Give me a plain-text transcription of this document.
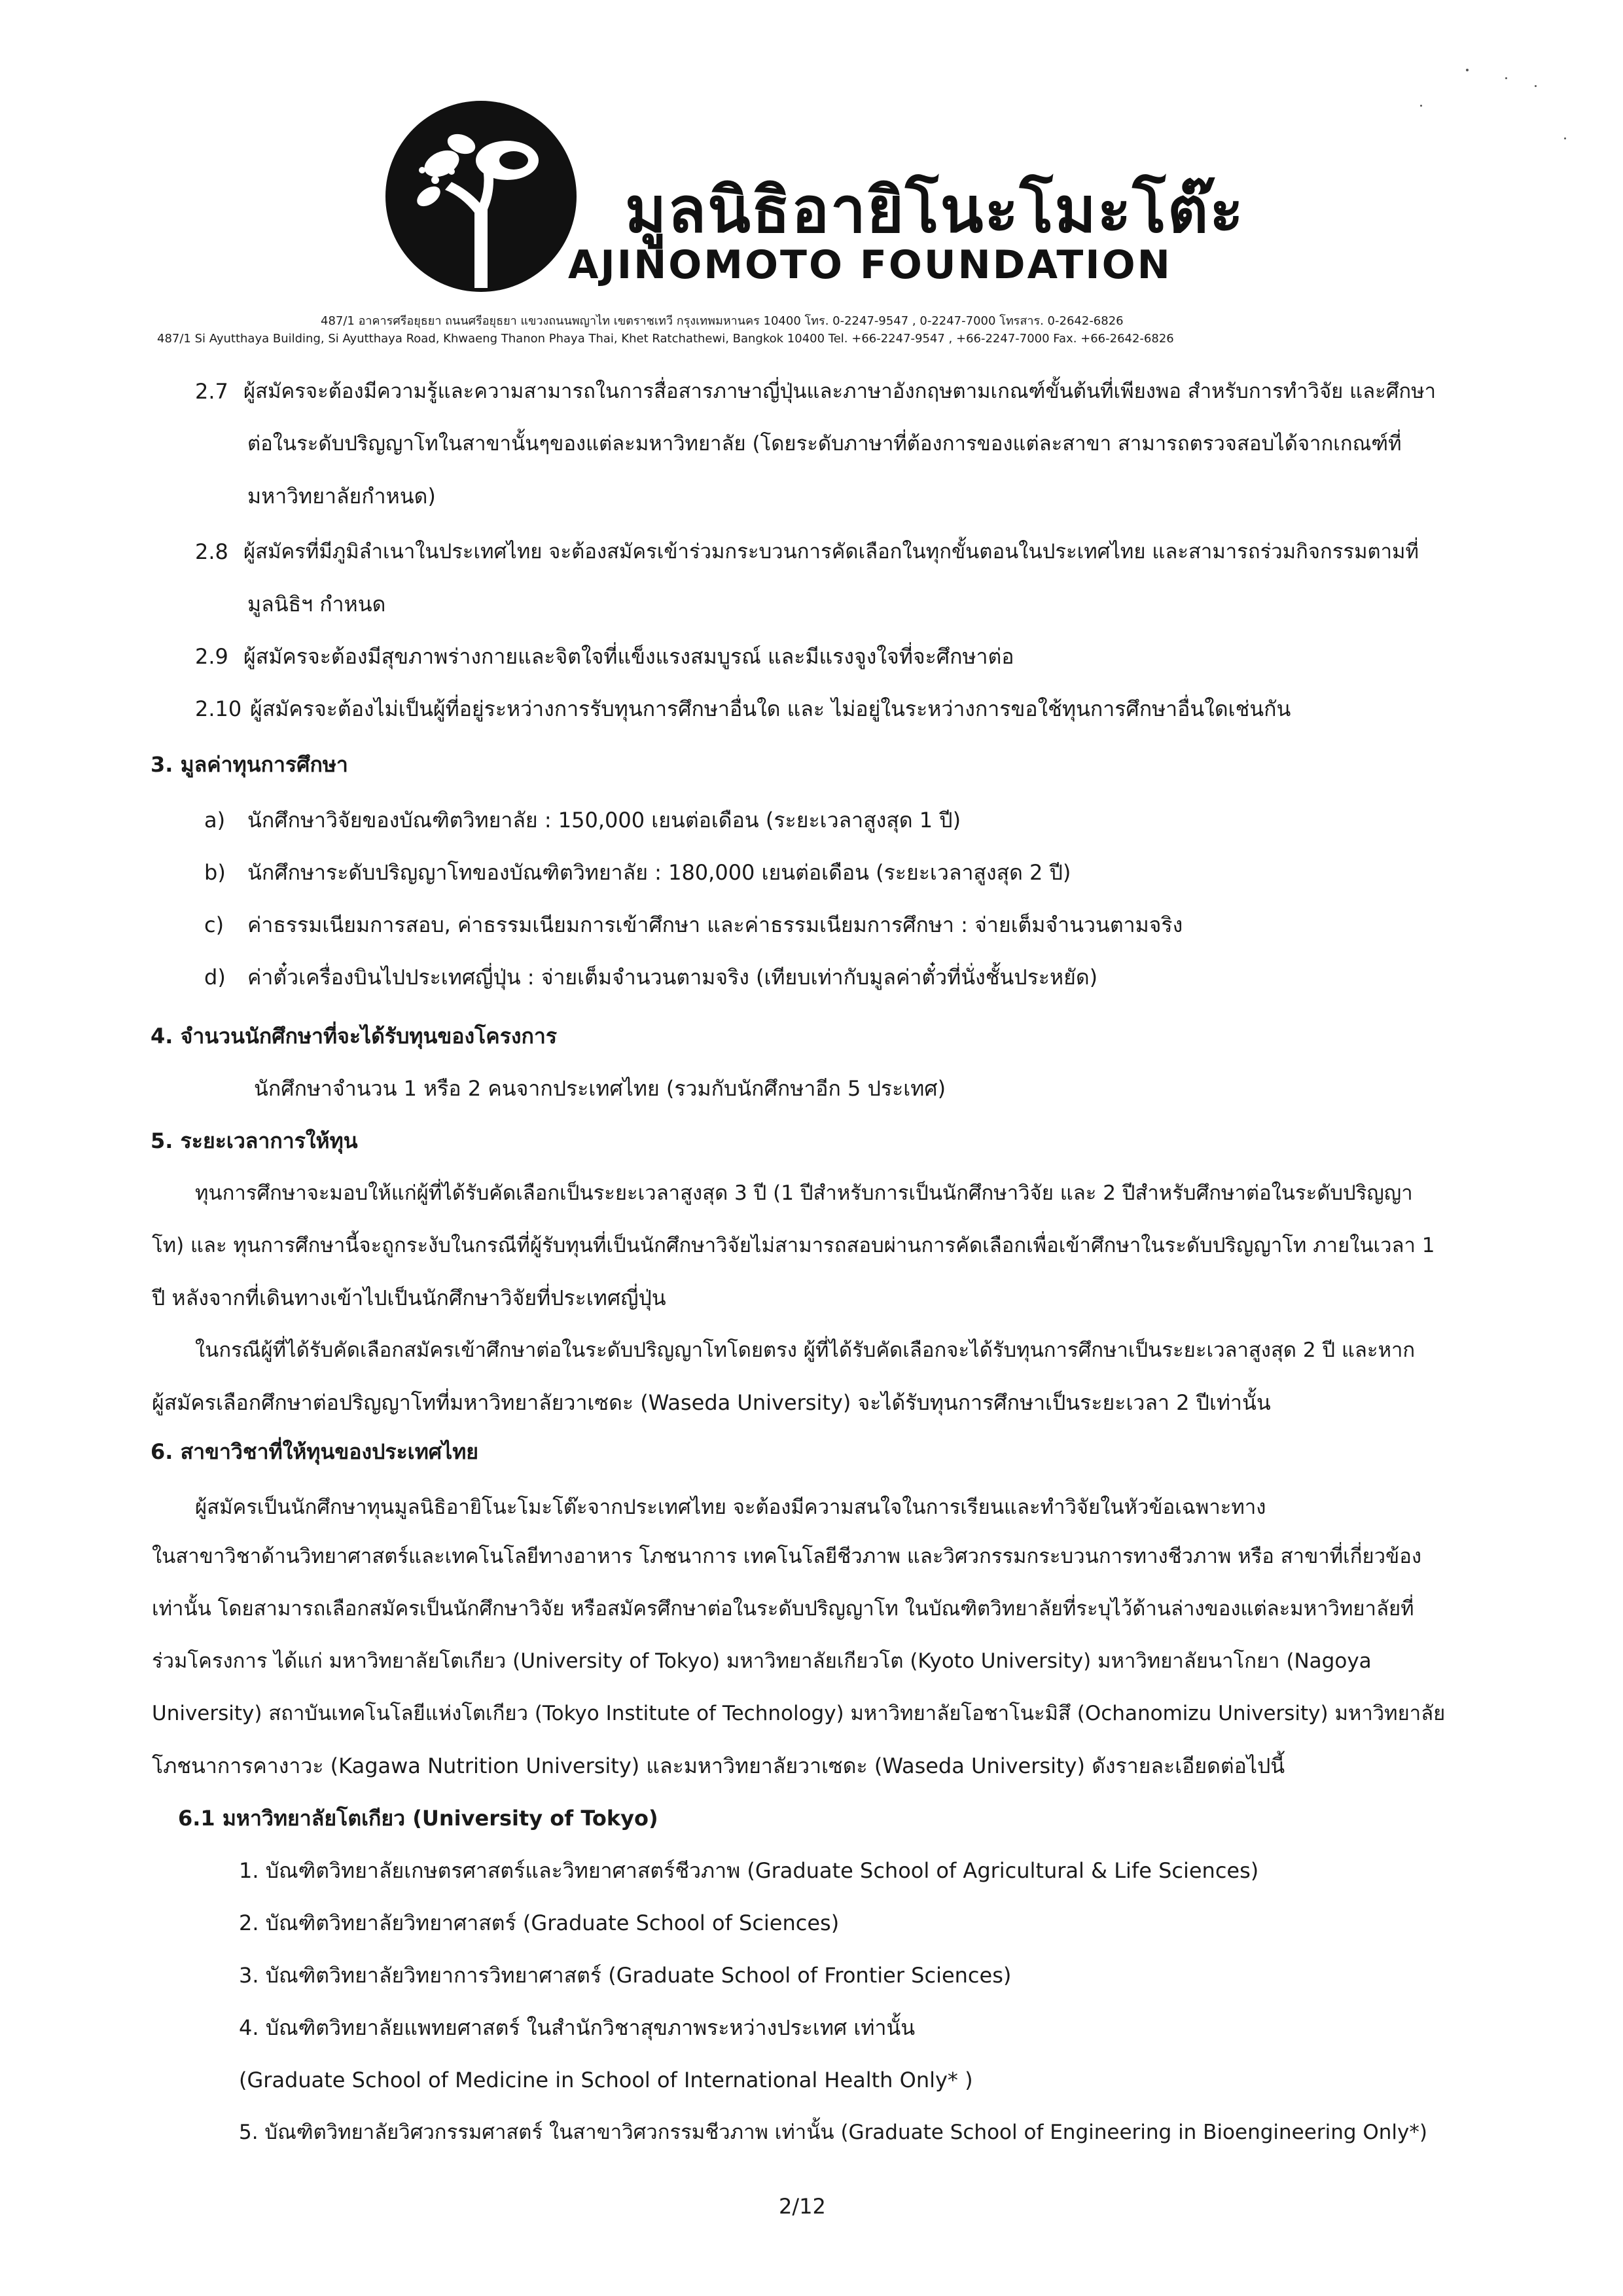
มูลนิธิอายิโนะโมะโต๊ะ
AJINOMOTO FOUNDATION
487/1 อาคารศรีอยุธยา ถนนศรีอยุธยา แขวงถนนพญาไท เขตราชเทวี กรุงเทพมหานคร 10400 โทร. 0-2247-9547 , 0-2247-7000 โทรสาร. 0-2642-6826
487/1 Si Ayutthaya Building, Si Ayutthaya Road, Khwaeng Thanon Phaya Thai, Khet Ratchathewi, Bangkok 10400 Tel. +66-2247-9547 , +66-2247-7000 Fax. +66-2642-6826
2.7 ผู้สมัครจะต้องมีความรู้และความสามารถในการสื่อสารภาษาญี่ปุ่นและภาษาอังกฤษตามเกณฑ์ขั้นต้นที่เพียงพอ สำหรับการทำวิจัย และศึกษา
ต่อในระดับปริญญาโทในสาขานั้นๆของแต่ละมหาวิทยาลัย (โดยระดับภาษาที่ต้องการของแต่ละสาขา สามารถตรวจสอบได้จากเกณฑ์ที่
มหาวิทยาลัยกำหนด)
2.8 ผู้สมัครที่มีภูมิลำเนาในประเทศไทย จะต้องสมัครเข้าร่วมกระบวนการคัดเลือกในทุกขั้นตอนในประเทศไทย และสามารถร่วมกิจกรรมตามที่
มูลนิธิฯ กำหนด
2.9 ผู้สมัครจะต้องมีสุขภาพร่างกายและจิตใจที่แข็งแรงสมบูรณ์ และมีแรงจูงใจที่จะศึกษาต่อ
2.10 ผู้สมัครจะต้องไม่เป็นผู้ที่อยู่ระหว่างการรับทุนการศึกษาอื่นใด และ ไม่อยู่ในระหว่างการขอใช้ทุนการศึกษาอื่นใดเช่นกัน
3. มูลค่าทุนการศึกษา
a) นักศึกษาวิจัยของบัณฑิตวิทยาลัย : 150,000 เยนต่อเดือน (ระยะเวลาสูงสุด 1 ปี)
b) นักศึกษาระดับปริญญาโทของบัณฑิตวิทยาลัย : 180,000 เยนต่อเดือน (ระยะเวลาสูงสุด 2 ปี)
c) ค่าธรรมเนียมการสอบ, ค่าธรรมเนียมการเข้าศึกษา และค่าธรรมเนียมการศึกษา : จ่ายเต็มจำนวนตามจริง
d) ค่าตั๋วเครื่องบินไปประเทศญี่ปุ่น : จ่ายเต็มจำนวนตามจริง (เทียบเท่ากับมูลค่าตั๋วที่นั่งชั้นประหยัด)
4. จำนวนนักศึกษาที่จะได้รับทุนของโครงการ
นักศึกษาจำนวน 1 หรือ 2 คนจากประเทศไทย (รวมกับนักศึกษาอีก 5 ประเทศ)
5. ระยะเวลาการให้ทุน
ทุนการศึกษาจะมอบให้แก่ผู้ที่ได้รับคัดเลือกเป็นระยะเวลาสูงสุด 3 ปี (1 ปีสำหรับการเป็นนักศึกษาวิจัย และ 2 ปีสำหรับศึกษาต่อในระดับปริญญา
โท) และ ทุนการศึกษานี้จะถูกระงับในกรณีที่ผู้รับทุนที่เป็นนักศึกษาวิจัยไม่สามารถสอบผ่านการคัดเลือกเพื่อเข้าศึกษาในระดับปริญญาโท ภายในเวลา 1
ปี หลังจากที่เดินทางเข้าไปเป็นนักศึกษาวิจัยที่ประเทศญี่ปุ่น
ในกรณีผู้ที่ได้รับคัดเลือกสมัครเข้าศึกษาต่อในระดับปริญญาโทโดยตรง ผู้ที่ได้รับคัดเลือกจะได้รับทุนการศึกษาเป็นระยะเวลาสูงสุด 2 ปี และหาก
ผู้สมัครเลือกศึกษาต่อปริญญาโทที่มหาวิทยาลัยวาเซดะ (Waseda University) จะได้รับทุนการศึกษาเป็นระยะเวลา 2 ปีเท่านั้น
6. สาขาวิชาที่ให้ทุนของประเทศไทย
ผู้สมัครเป็นนักศึกษาทุนมูลนิธิอายิโนะโมะโต๊ะจากประเทศไทย จะต้องมีความสนใจในการเรียนและทำวิจัยในหัวข้อเฉพาะทาง
ในสาขาวิชาด้านวิทยาศาสตร์และเทคโนโลยีทางอาหาร โภชนาการ เทคโนโลยีชีวภาพ และวิศวกรรมกระบวนการทางชีวภาพ หรือ สาขาที่เกี่ยวข้อง
เท่านั้น โดยสามารถเลือกสมัครเป็นนักศึกษาวิจัย หรือสมัครศึกษาต่อในระดับปริญญาโท ในบัณฑิตวิทยาลัยที่ระบุไว้ด้านล่างของแต่ละมหาวิทยาลัยที่
ร่วมโครงการ ได้แก่ มหาวิทยาลัยโตเกียว (University of Tokyo) มหาวิทยาลัยเกียวโต (Kyoto University) มหาวิทยาลัยนาโกยา (Nagoya
University) สถาบันเทคโนโลยีแห่งโตเกียว (Tokyo Institute of Technology) มหาวิทยาลัยโอชาโนะมิสึ (Ochanomizu University) มหาวิทยาลัย
โภชนาการคางาวะ (Kagawa Nutrition University) และมหาวิทยาลัยวาเซดะ (Waseda University) ดังรายละเอียดต่อไปนี้
6.1 มหาวิทยาลัยโตเกียว (University of Tokyo)
1. บัณฑิตวิทยาลัยเกษตรศาสตร์และวิทยาศาสตร์ชีวภาพ (Graduate School of Agricultural & Life Sciences)
2. บัณฑิตวิทยาลัยวิทยาศาสตร์ (Graduate School of Sciences)
3. บัณฑิตวิทยาลัยวิทยาการวิทยาศาสตร์ (Graduate School of Frontier Sciences)
4. บัณฑิตวิทยาลัยแพทยศาสตร์ ในสำนักวิชาสุขภาพระหว่างประเทศ เท่านั้น
(Graduate School of Medicine in School of International Health Only* )
5. บัณฑิตวิทยาลัยวิศวกรรมศาสตร์ ในสาขาวิศวกรรมชีวภาพ เท่านั้น (Graduate School of Engineering in Bioengineering Only*)
2/12
